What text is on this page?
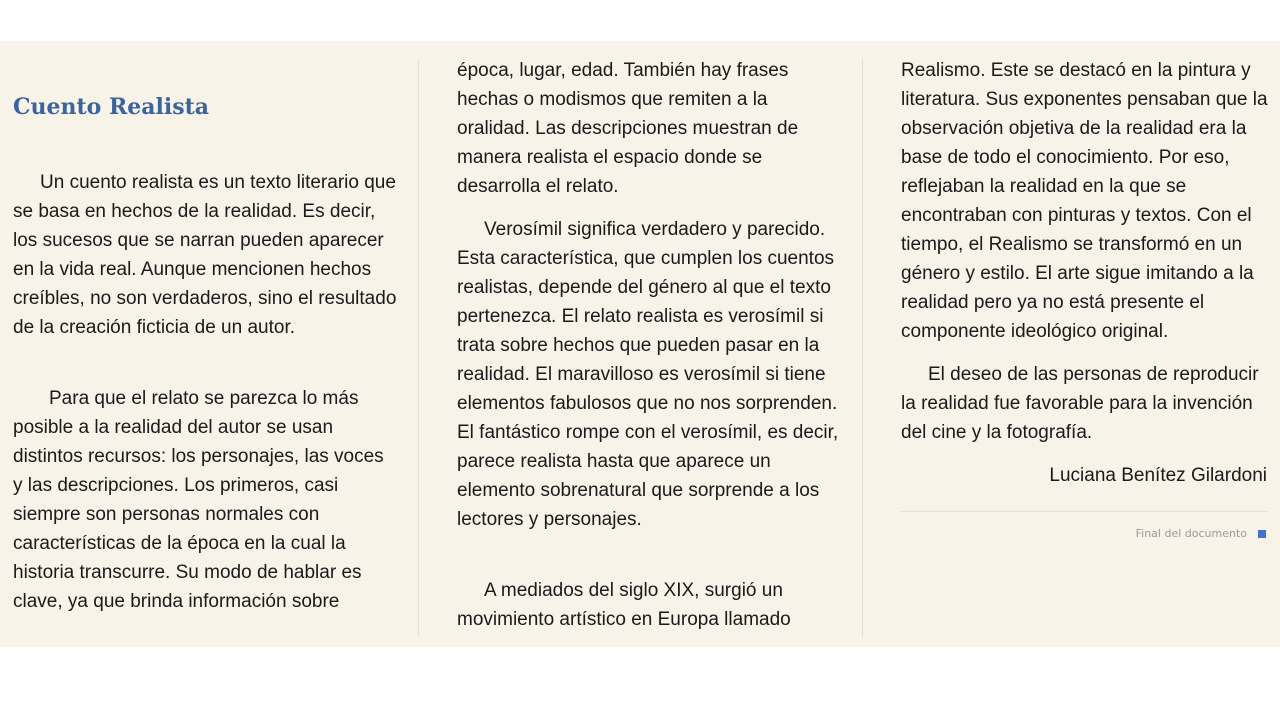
Cuento Realista

Un cuento realista es un texto literario que se basa en hechos de la realidad. Es decir, los sucesos que se narran pueden aparecer en la vida real. Aunque mencionen hechos creíbles, no son verdaderos, sino el resultado de la creación ficticia de un autor.

Para que el relato se parezca lo más posible a la realidad del autor se usan distintos recursos: los personajes, las voces y las descripciones. Los primeros, casi siempre son personas normales con características de la época en la cual la historia transcurre. Su modo de hablar es clave, ya que brinda información sobre

época, lugar, edad. También hay frases hechas o modismos que remiten a la oralidad. Las descripciones muestran de manera realista el espacio donde se desarrolla el relato.

Verosímil significa verdadero y parecido. Esta característica, que cumplen los cuentos realistas, depende del género al que el texto pertenezca. El relato realista es verosímil si trata sobre hechos que pueden pasar en la realidad. El maravilloso es verosímil si tiene elementos fabulosos que no nos sorprenden. El fantástico rompe con el verosímil, es decir, parece realista hasta que aparece un elemento sobrenatural que sorprende a los lectores y personajes.

A mediados del siglo XIX, surgió un movimiento artístico en Europa llamado

Realismo. Este se destacó en la pintura y literatura. Sus exponentes pensaban que la observación objetiva de la realidad era la base de todo el conocimiento. Por eso, reflejaban la realidad en la que se encontraban con pinturas y textos. Con el tiempo, el Realismo se transformó en un género y estilo. El arte sigue imitando a la realidad pero ya no está presente el componente ideológico original.

El deseo de las personas de reproducir la realidad fue favorable para la invención del cine y la fotografía.

Luciana Benítez Gilardoni
Final del documento
